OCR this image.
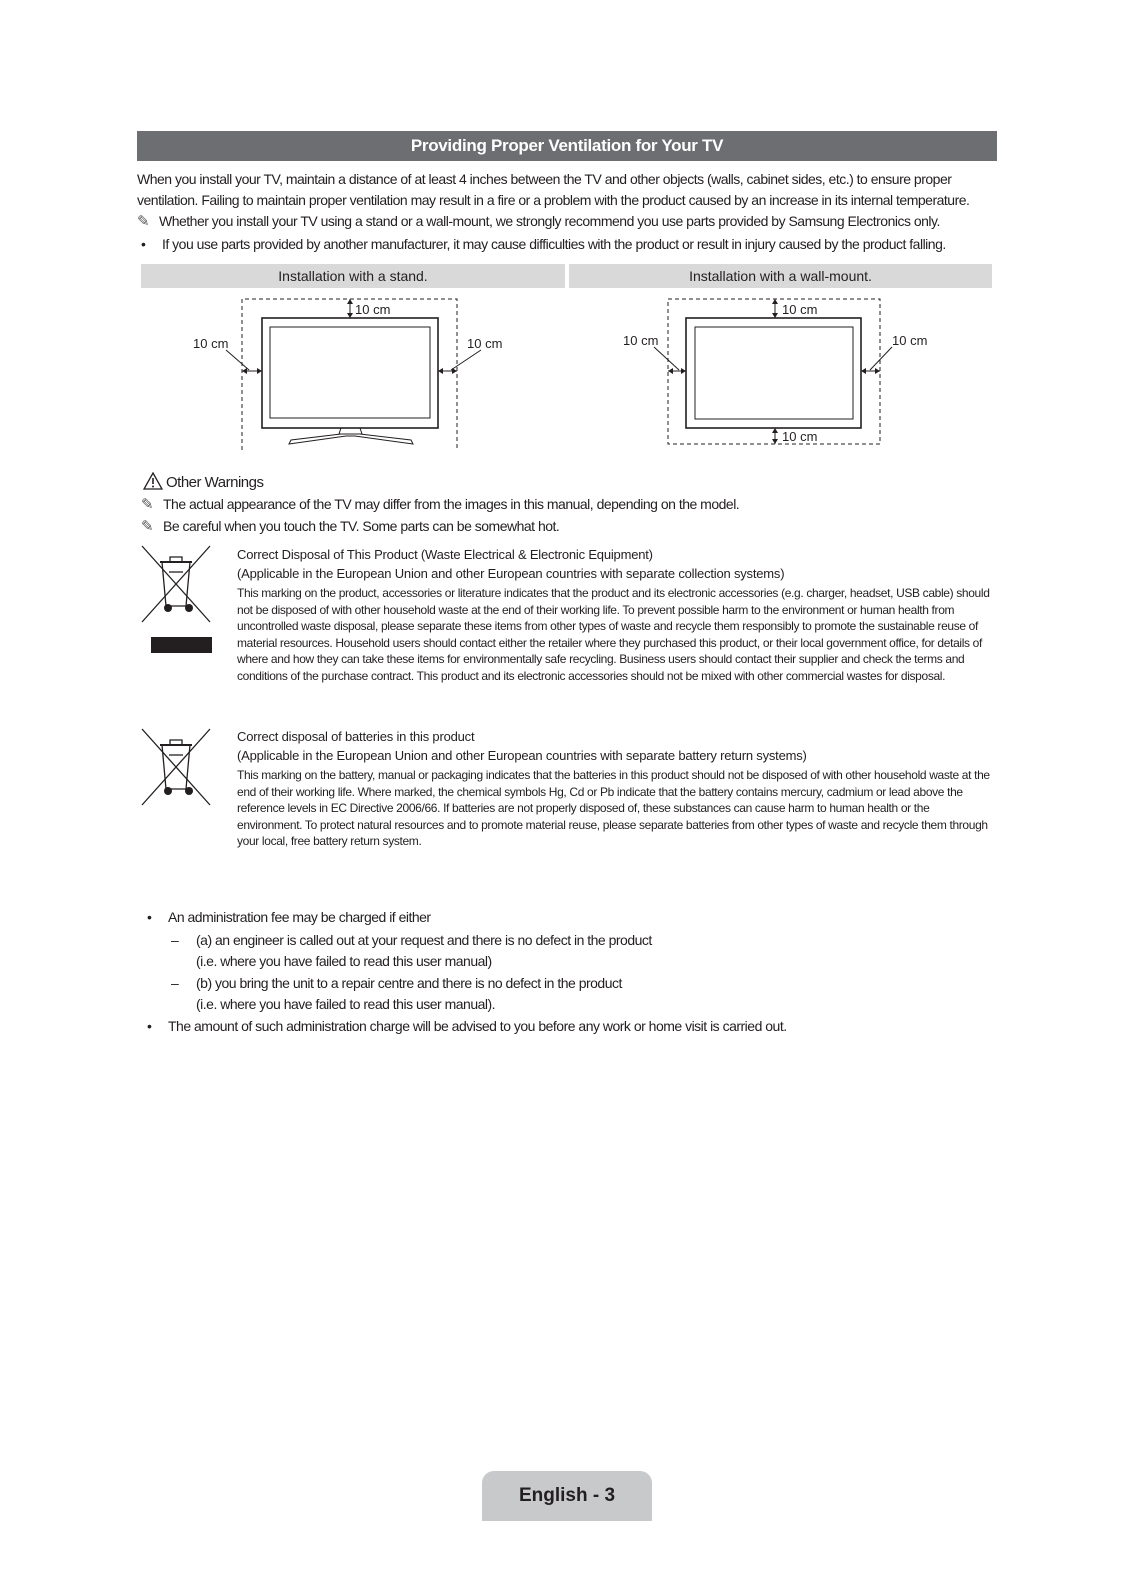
Providing Proper Ventilation for Your TV
When you install your TV, maintain a distance of at least 4 inches between the TV and other objects (walls, cabinet sides, etc.) to ensure proper ventilation. Failing to maintain proper ventilation may result in a fire or a problem with the product caused by an increase in its internal temperature.
✎ Whether you install your TV using a stand or a wall-mount, we strongly recommend you use parts provided by Samsung Electronics only.
• If you use parts provided by another manufacturer, it may cause difficulties with the product or result in injury caused by the product falling.
Installation with a stand.	Installation with a wall-mount.
10 cm
10 cm	10 cm
10 cm
10 cm
10 cm	10 cm
Other Warnings
✎ The actual appearance of the TV may differ from the images in this manual, depending on the model.
✎ Be careful when you touch the TV. Some parts can be somewhat hot.
Correct Disposal of This Product (Waste Electrical & Electronic Equipment)
(Applicable in the European Union and other European countries with separate collection systems)
This marking on the product, accessories or literature indicates that the product and its electronic accessories (e.g. charger, headset, USB cable) should not be disposed of with other household waste at the end of their working life. To prevent possible harm to the environment or human health from uncontrolled waste disposal, please separate these items from other types of waste and recycle them responsibly to promote the sustainable reuse of material resources. Household users should contact either the retailer where they purchased this product, or their local government office, for details of where and how they can take these items for environmentally safe recycling. Business users should contact their supplier and check the terms and conditions of the purchase contract. This product and its electronic accessories should not be mixed with other commercial wastes for disposal.
Correct disposal of batteries in this product
(Applicable in the European Union and other European countries with separate battery return systems)
This marking on the battery, manual or packaging indicates that the batteries in this product should not be disposed of with other household waste at the end of their working life. Where marked, the chemical symbols Hg, Cd or Pb indicate that the battery contains mercury, cadmium or lead above the reference levels in EC Directive 2006/66. If batteries are not properly disposed of, these substances can cause harm to human health or the environment. To protect natural resources and to promote material reuse, please separate batteries from other types of waste and recycle them through your local, free battery return system.
• An administration fee may be charged if either
– (a) an engineer is called out at your request and there is no defect in the product
(i.e. where you have failed to read this user manual)
– (b) you bring the unit to a repair centre and there is no defect in the product
(i.e. where you have failed to read this user manual).
• The amount of such administration charge will be advised to you before any work or home visit is carried out.
English - 3
